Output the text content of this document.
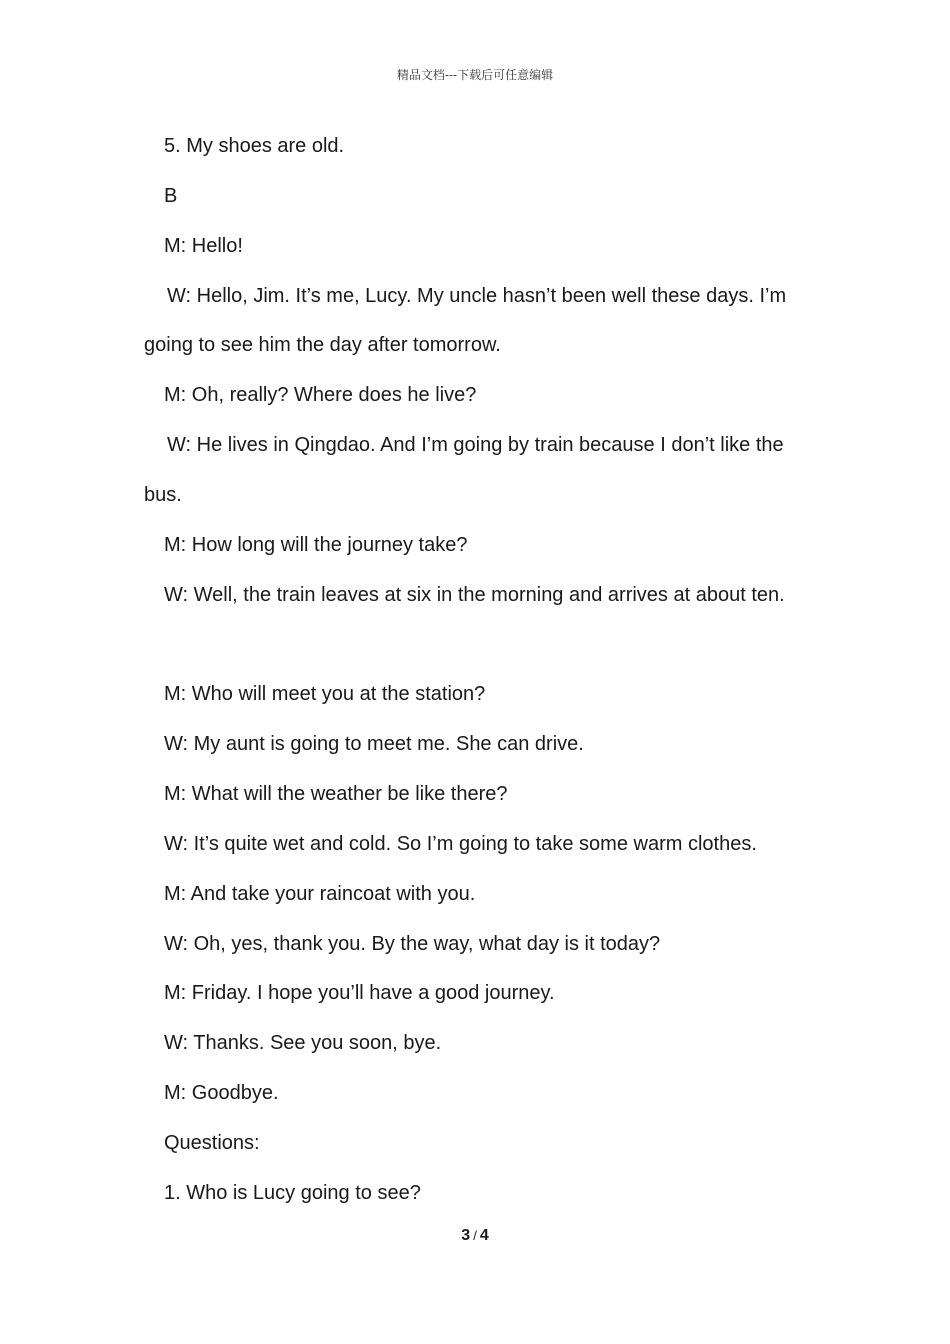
精品文档---下载后可任意编辑

5. My shoes are old.

B

M: Hello!

W: Hello, Jim. It’s me, Lucy. My uncle hasn’t been well these days. I’m going to see him the day after tomorrow.

M: Oh, really? Where does he live?

W: He lives in Qingdao. And I’m going by train because I don’t like the bus.

M: How long will the journey take?

W: Well, the train leaves at six in the morning and arrives at about ten.

M: Who will meet you at the station?

W: My aunt is going to meet me. She can drive.

M: What will the weather be like there?

W: It’s quite wet and cold. So I’m going to take some warm clothes.

M: And take your raincoat with you.

W: Oh, yes, thank you. By the way, what day is it today?

M: Friday. I hope you’ll have a good journey.

W: Thanks. See you soon, bye.

M: Goodbye.

Questions:

1. Who is Lucy going to see?

3 / 4
